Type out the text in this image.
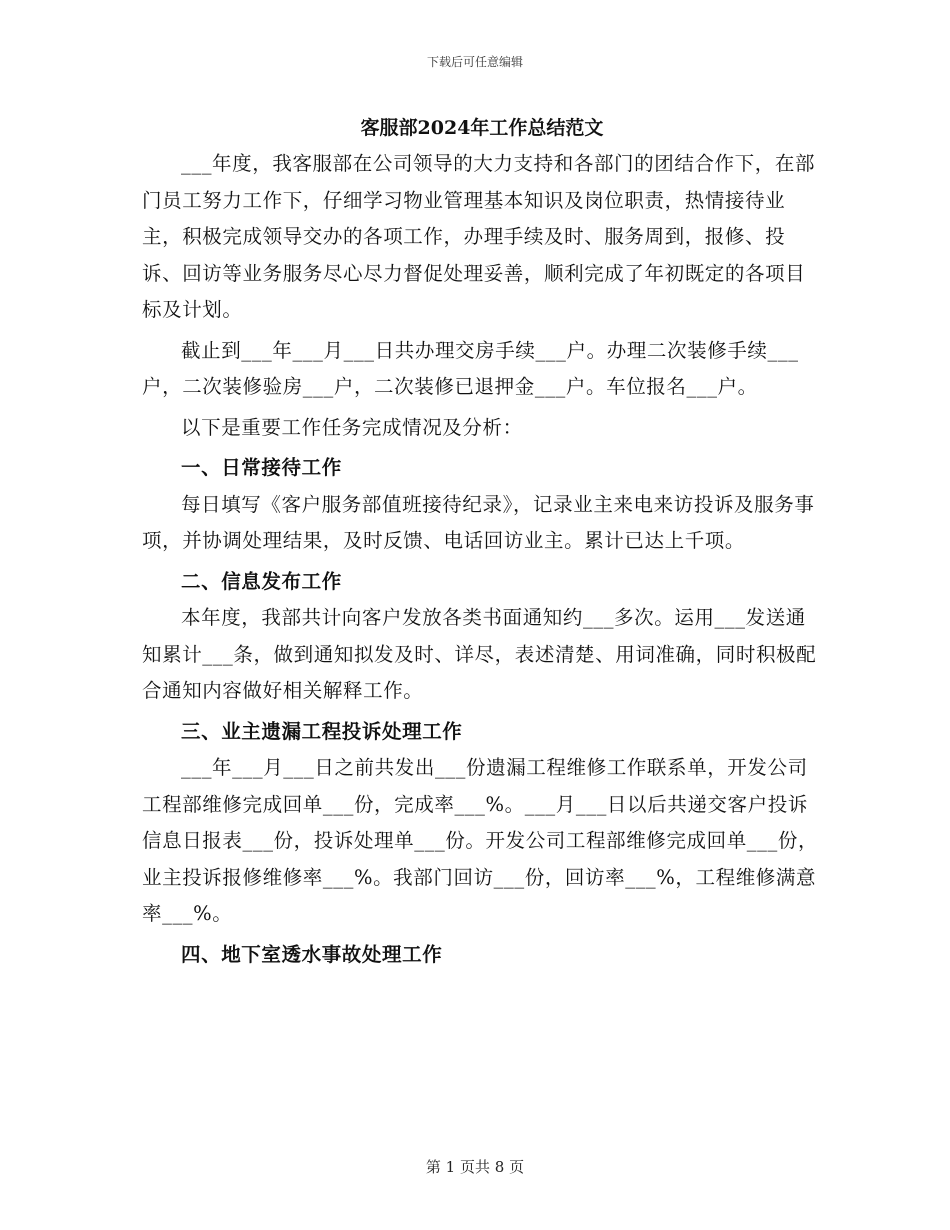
下载后可任意编辑
客服部2024年工作总结范文

___年度，我客服部在公司领导的大力支持和各部门的团结合作下，在部门员工努力工作下，仔细学习物业管理基本知识及岗位职责，热情接待业主，积极完成领导交办的各项工作，办理手续及时、服务周到，报修、投诉、回访等业务服务尽心尽力督促处理妥善，顺利完成了年初既定的各项目标及计划。

截止到___年___月___日共办理交房手续___户。办理二次装修手续___户，二次装修验房___户，二次装修已退押金___户。车位报名___户。

以下是重要工作任务完成情况及分析：

一、日常接待工作

每日填写《客户服务部值班接待纪录》，记录业主来电来访投诉及服务事项，并协调处理结果，及时反馈、电话回访业主。累计已达上千项。

二、信息发布工作

本年度，我部共计向客户发放各类书面通知约___多次。运用___发送通知累计___条，做到通知拟发及时、详尽，表述清楚、用词准确，同时积极配合通知内容做好相关解释工作。

三、业主遗漏工程投诉处理工作

___年___月___日之前共发出___份遗漏工程维修工作联系单，开发公司工程部维修完成回单___份，完成率___%。___月___日以后共递交客户投诉信息日报表___份，投诉处理单___份。开发公司工程部维修完成回单___份，业主投诉报修维修率___%。我部门回访___份，回访率___%，工程维修满意率___%。

四、地下室透水事故处理工作
第 1 页共 8 页
